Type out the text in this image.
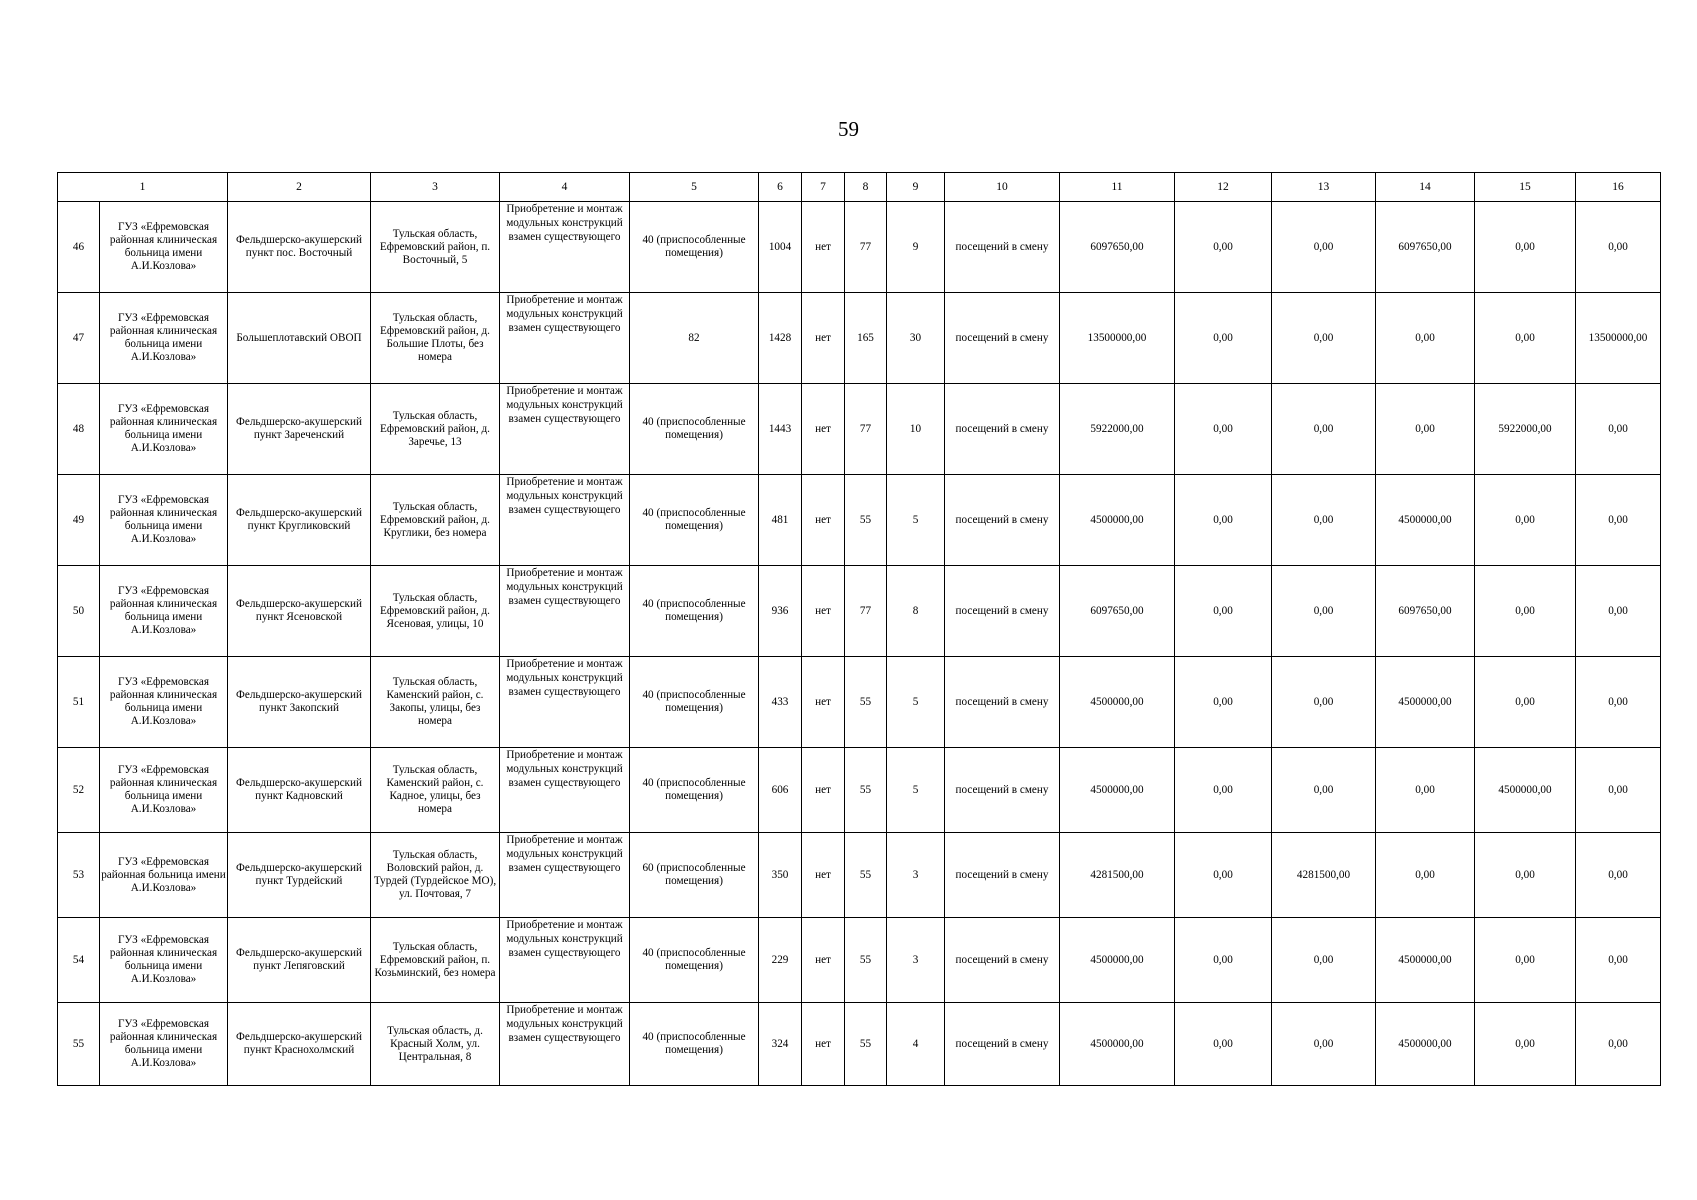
59
1		2	3	4	5	6	7	8	9	10	11	12	13	14	15	16
46	ГУЗ «Ефремовская районная клиническая больница имени А.И.Козлова»	Фельдшерско-акушерский пункт пос. Восточный	Тульская область, Ефремовский район, п. Восточный, 5	Приобретение и монтаж модульных конструкций взамен существующего	40 (приспособленные помещения)	1004	нет	77	9	посещений в смену	6097650,00	0,00	0,00	6097650,00	0,00	0,00
47	ГУЗ «Ефремовская районная клиническая больница имени А.И.Козлова»	Большеплотавский ОВОП	Тульская область, Ефремовский район, д. Большие Плоты, без номера	Приобретение и монтаж модульных конструкций взамен существующего	82	1428	нет	165	30	посещений в смену	13500000,00	0,00	0,00	0,00	0,00	13500000,00
48	ГУЗ «Ефремовская районная клиническая больница имени А.И.Козлова»	Фельдшерско-акушерский пункт Зареченский	Тульская область, Ефремовский район, д. Заречье, 13	Приобретение и монтаж модульных конструкций взамен существующего	40 (приспособленные помещения)	1443	нет	77	10	посещений в смену	5922000,00	0,00	0,00	0,00	5922000,00	0,00
49	ГУЗ «Ефремовская районная клиническая больница имени А.И.Козлова»	Фельдшерско-акушерский пункт Кругликовский	Тульская область, Ефремовский район, д. Круглики, без номера	Приобретение и монтаж модульных конструкций взамен существующего	40 (приспособленные помещения)	481	нет	55	5	посещений в смену	4500000,00	0,00	0,00	4500000,00	0,00	0,00
50	ГУЗ «Ефремовская районная клиническая больница имени А.И.Козлова»	Фельдшерско-акушерский пункт Ясеновской	Тульская область, Ефремовский район, д. Ясеновая, улицы, 10	Приобретение и монтаж модульных конструкций взамен существующего	40 (приспособленные помещения)	936	нет	77	8	посещений в смену	6097650,00	0,00	0,00	6097650,00	0,00	0,00
51	ГУЗ «Ефремовская районная клиническая больница имени А.И.Козлова»	Фельдшерско-акушерский пункт Закопский	Тульская область, Каменский район, с. Закопы, улицы, без номера	Приобретение и монтаж модульных конструкций взамен существующего	40 (приспособленные помещения)	433	нет	55	5	посещений в смену	4500000,00	0,00	0,00	4500000,00	0,00	0,00
52	ГУЗ «Ефремовская районная клиническая больница имени А.И.Козлова»	Фельдшерско-акушерский пункт Кадновский	Тульская область, Каменский район, с. Кадное, улицы, без номера	Приобретение и монтаж модульных конструкций взамен существующего	40 (приспособленные помещения)	606	нет	55	5	посещений в смену	4500000,00	0,00	0,00	0,00	4500000,00	0,00
53	ГУЗ «Ефремовская районная больница имени А.И.Козлова»	Фельдшерско-акушерский пункт Турдейский	Тульская область, Воловский район, д. Турдей (Турдейское МО), ул. Почтовая, 7	Приобретение и монтаж модульных конструкций взамен существующего	60 (приспособленные помещения)	350	нет	55	3	посещений в смену	4281500,00	0,00	4281500,00	0,00	0,00	0,00
54	ГУЗ «Ефремовская районная клиническая больница имени А.И.Козлова»	Фельдшерско-акушерский пункт Лепяговский	Тульская область, Ефремовский район, п. Козьминский, без номера	Приобретение и монтаж модульных конструкций взамен существующего	40 (приспособленные помещения)	229	нет	55	3	посещений в смену	4500000,00	0,00	0,00	4500000,00	0,00	0,00
55	ГУЗ «Ефремовская районная клиническая больница имени А.И.Козлова»	Фельдшерско-акушерский пункт Краснохолмский	Тульская область, д. Красный Холм, ул. Центральная, 8	Приобретение и монтаж модульных конструкций взамен существующего	40 (приспособленные помещения)	324	нет	55	4	посещений в смену	4500000,00	0,00	0,00	4500000,00	0,00	0,00
